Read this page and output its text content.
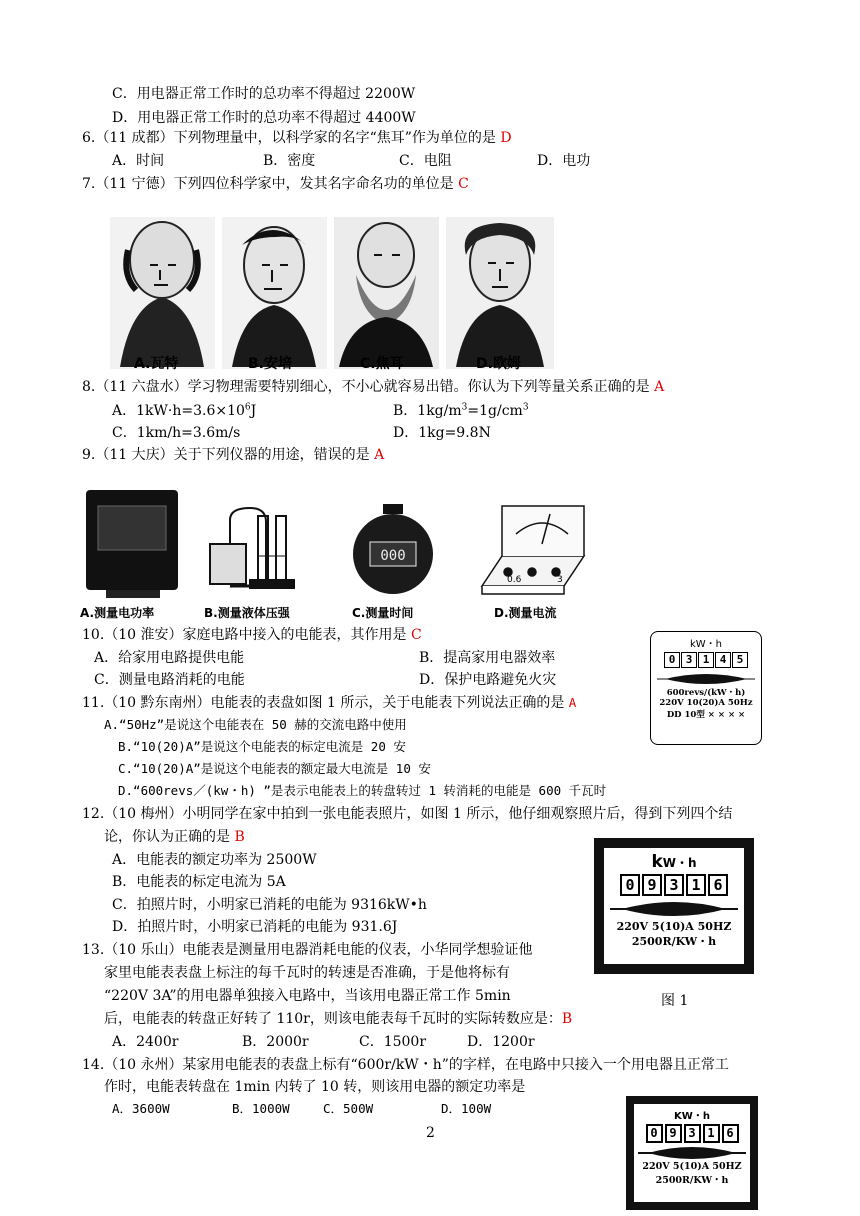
C．用电器正常工作时的总功率不得超过 2200W
D．用电器正常工作时的总功率不得超过 4400W
6.（11 成都）下列物理量中，以科学家的名字“焦耳”作为单位的是 D
A．时间	B．密度	C．电阻	D．电功
7.（11 宁德）下列四位科学家中，发其名字命名功的单位是 C
A.瓦特	B.安培	C.焦耳	D.欧姆
8.（11 六盘水）学习物理需要特别细心，不小心就容易出错。你认为下列等量关系正确的是 A
A．$1kW\cdot h=3.6\times 10^6J$	B．$1kg/m^3=1g/cm^3$
C．1km/h=3.6m/s	D．1kg=9.8N
9.（11 大庆）关于下列仪器的用途，错误的是 A
000
0.6	3
A.测量电功率	B.测量液体压强	C.测量时间	D.测量电流
10.（10 淮安）家庭电路中接入的电能表，其作用是 C
A．给家用电路提供电能	B．提高家用电器效率
C．测量电路消耗的电能	D．保护电路避免火灾
kW・h
0 3 1 4 5
600revs/(kW・h)
220V 10(20)A 50Hz
DD 10型 × × × ×
11.（10 黔东南州）电能表的表盘如图 1 所示，关于电能表下列说法正确的是 A
A.“50Hz”是说这个电能表在 50 赫的交流电路中使用
B.“10(20)A”是说这个电能表的标定电流是 20 安
C.“10(20)A”是说这个电能表的额定最大电流是 10 安
D.“600revs／(kw・h) ”是表示电能表上的转盘转过 1 转消耗的电能是 600 千瓦时
12.（10 梅州）小明同学在家中拍到一张电能表照片，如图 1 所示，他仔细观察照片后，得到下列四个结
论，你认为正确的是 B
A．电能表的额定功率为 2500W
B．电能表的标定电流为 5A
C．拍照片时，小明家已消耗的电能为 9316kW•h
D．拍照片时，小明家已消耗的电能为 931.6J
kW・h
0 9 3 1 6
220V 5(10)A 50HZ
2500R/KW・h
13.（10 乐山）电能表是测量用电器消耗电能的仪表，小华同学想验证他
家里电能表表盘上标注的每千瓦时的转速是否准确，于是他将标有
“220V 3A”的用电器单独接入电路中，当该用电器正常工作 5min
后，电能表的转盘正好转了 110r，则该电能表每千瓦时的实际转数应是：B
图 1
A．2400r	B．2000r	C．1500r	D．1200r
14.（10 永州）某家用电能表的表盘上标有“600r/kW・h”的字样，在电路中只接入一个用电器且正常工
作时，电能表转盘在 1min 内转了 10 转，则该用电器的额定功率是
A．3600W	B．1000W	C．500W	D．100W
KW・h
0 9 3 1 6
220V 5(10)A 50HZ
2500R/KW・h
2
